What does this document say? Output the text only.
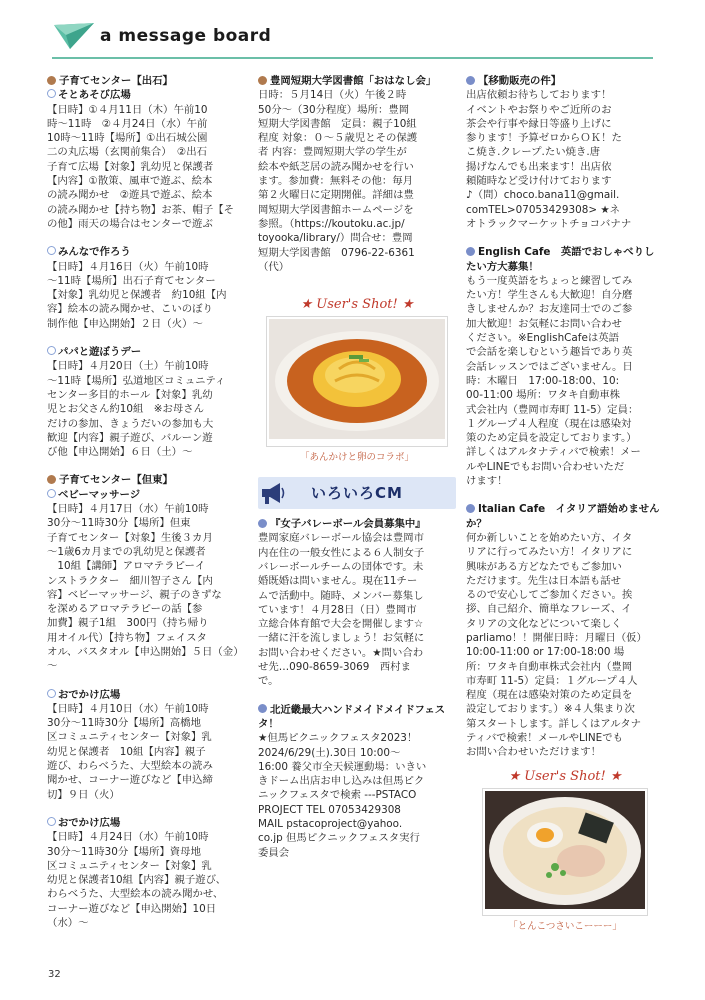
a message board

子育てセンター【出石】

そとあそび広場

【日時】①４月11日（木）午前10

時〜11時　②４月24日（水）午前

10時〜11時【場所】①出石城公園

二の丸広場（玄関前集合）　②出石

子育て広場【対象】乳幼児と保護者

【内容】①散策、風車で遊ぶ、絵本

の読み聞かせ　②遊具で遊ぶ、絵本

の読み聞かせ【持ち物】お茶、帽子【そ

の他】雨天の場合はセンターで遊ぶ

みんなで作ろう

【日時】４月16日（火）午前10時

〜11時【場所】出石子育てセンター

【対象】乳幼児と保護者　約10組【内

容】絵本の読み聞かせ、こいのぼり

制作他【申込開始】２日（火）〜

パパと遊ぼうデー

【日時】４月20日（土）午前10時

〜11時【場所】弘道地区コミュニティ

センター多目的ホール【対象】乳幼

児とお父さん約10組　※お母さん

だけの参加、きょうだいの参加も大

歓迎【内容】親子遊び、バルーン遊

び他【申込開始】６日（土）〜

子育てセンター【但東】

ベビーマッサージ

【日時】４月17日（水）午前10時

30分〜11時30分【場所】但東

子育てセンター【対象】生後３カ月

〜1歳6カ月までの乳幼児と保護者

　10組【講師】アロマテラピーイ

ンストラクター　細川智子さん【内

容】ベビーマッサージ、親子のきずな

を深めるアロマテラピーの話【参

加費】親子1組　300円（持ち帰り

用オイル代）【持ち物】フェイスタ

オル、バスタオル【申込開始】５日（金）

〜

おでかけ広場

【日時】４月10日（水）午前10時

30分〜11時30分【場所】高橋地

区コミュニティセンター【対象】乳

幼児と保護者　10組【内容】親子

遊び、わらべうた、大型絵本の読み

聞かせ、コーナー遊びなど【申込締

切】９日（火）

おでかけ広場

【日時】４月24日（水）午前10時

30分〜11時30分【場所】資母地

区コミュニティセンター【対象】乳

幼児と保護者10組【内容】親子遊び、

わらべうた、大型絵本の読み聞かせ、

コーナー遊びなど【申込開始】10日

（水）〜

豊岡短期大学図書館「おはなし会」

日時：５月14日（火）午後２時

50分〜（30分程度）場所：豊岡

短期大学図書館　定員：親子10組

程度 対象：０〜５歳児とその保護

者 内容：豊岡短期大学の学生が

絵本や紙芝居の読み聞かせを行い

ます。参加費：無料その他：毎月

第２火曜日に定期開催。詳細は豊

岡短期大学図書館ホームページを

参照。（https://koutoku.ac.jp/

toyooka/library/）問合せ：豊岡

短期大学図書館　0796-22-6361

（代）

★ User's Shot! ★
「あんかけと卵のコラボ」
いろいろCM

『女子バレーボール会員募集中』

豊岡家庭バレーボール協会は豊岡市

内在住の一般女性による６人制女子

バレーボールチームの団体です。未

婚既婚は問いません。現在11チー

ムで活動中。随時、メンバー募集し

ています！４月28日（日）豊岡市

立総合体育館で大会を開催します☆

一緒に汗を流しましょう！お気軽に

お問い合わせください。★問い合わ

せ先…090-8659-3069　西村ま

で。

北近畿最大ハンドメイドメイドフェスタ！

★但馬ピクニックフェスタ2023！

2024/6/29(土).30日 10:00〜

16:00 養父市全天候運動場：いきい

きドーム出店お申し込みは但馬ピク

ニックフェスタで検索 ---PSTACO

PROJECT TEL 07053429308

MAIL pstacoproject@yahoo.

co.jp 但馬ピクニックフェスタ実行

委員会

【移動販売の件】

出店依頼お待ちしております！

イベントやお祭りやご近所のお

茶会や行事や縁日等盛り上げに

参ります！予算ゼロからＯＫ！た

こ焼き.クレープ.たい焼き.唐

揚げなんでも出来ます！出店依

頼随時など受け付けております

♪（問）choco.bana11@gmail.

comTEL>07053429308> ★ネ

オトラックマーケットチョコバナナ

English Cafe　英語でおしゃべりしたい方大募集！

もう一度英語をちょっと練習してみ

たい方！学生さんも大歓迎！自分磨

きしませんか？お友達同士でのご参

加大歓迎！お気軽にお問い合わせ

ください。※EnglishCafeは英語

で会話を楽しむという趣旨であり英

会話レッスンではございません。日

時：木曜日　17:00-18:00、10:

00-11:00 場所：ワタキ自動車株

式会社内（豊岡市寿町 11-5）定員：

１グループ４人程度（現在は感染対

策のため定員を設定しております。）

詳しくはアルタナティバで検索！メー

ルやLINEでもお問い合わせいただ

けます！

Italian Cafe　イタリア語始めませんか？

何か新しいことを始めたい方、イタ

リアに行ってみたい方！イタリアに

興味がある方どなたでもご参加い

ただけます。先生は日本語も話せ

るので安心してご参加ください。挨

拶、自己紹介、簡単なフレーズ、イ

タリアの文化などについて楽しく

parliamo！！開催日時：月曜日（仮）

10:00-11:00 or 17:00-18:00 場

所：ワタキ自動車株式会社内（豊岡

市寿町 11-5）定員：１グループ４人

程度（現在は感染対策のため定員を

設定しております。）※４人集まり次

第スタートします。詳しくはアルタナ

ティバで検索！メールやLINEでも

お問い合わせいただけます！

★ User's Shot! ★
「とんこつさいこーーー」
32
